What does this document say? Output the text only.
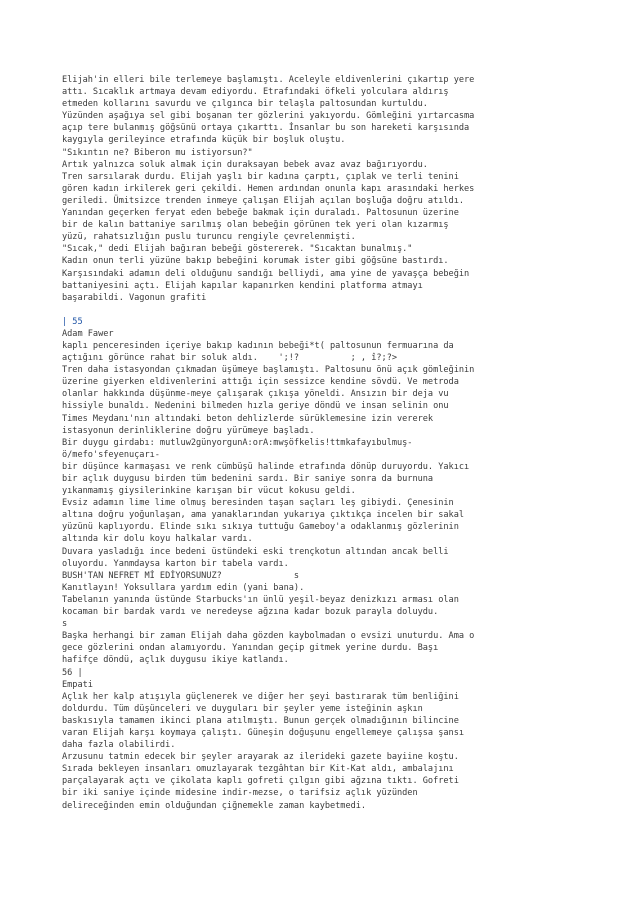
Elijah'in elleri bile terlemeye başlamıştı. Aceleyle eldivenlerini çıkartıp yere
attı. Sıcaklık artmaya devam ediyordu. Etrafındaki öfkeli yolculara aldırış
etmeden kollarını savurdu ve çılgınca bir telaşla paltosundan kurtuldu.
Yüzünden aşağıya sel gibi boşanan ter gözlerini yakıyordu. Gömleğini yırtarcasma
açıp tere bulanmış göğsünü ortaya çıkarttı. İnsanlar bu son hareketi karşısında
kaygıyla gerileyince etrafında küçük bir boşluk oluştu.
"Sıkıntın ne? Biberon mu istiyorsun?"
Artık yalnızca soluk almak için duraksayan bebek avaz avaz bağırıyordu.
Tren sarsılarak durdu. Elijah yaşlı bir kadına çarptı, çıplak ve terli tenini
gören kadın irkilerek geri çekildi. Hemen ardından onunla kapı arasındaki herkes
geriledi. Ümitsizce trenden inmeye çalışan Elijah açılan boşluğa doğru atıldı.
Yanından geçerken feryat eden bebeğe bakmak için duraladı. Paltosunun üzerine
bir de kalın battaniye sarılmış olan bebeğin görünen tek yeri olan kızarmış
yüzü, rahatsızlığın puslu turuncu rengiyle çevrelenmişti.
"Sıcak," dedi Elijah bağıran bebeği göstererek. "Sıcaktan bunalmış."
Kadın onun terli yüzüne bakıp bebeğini korumak ister gibi göğsüne bastırdı.
Karşısındaki adamın deli olduğunu sandığı belliydi, ama yine de yavaşça bebeğin
battaniyesini açtı. Elijah kapılar kapanırken kendini platforma atmayı
başarabildi. Vagonun grafiti
| 55
Adam Fawer
kaplı penceresinden içeriye bakıp kadının bebeği*t( paltosunun fermuarına da
açtığını görünce rahat bir soluk aldı.    ';!?          ; , î?;?>
Tren daha istasyondan çıkmadan üşümeye başlamıştı. Paltosunu önü açık gömleğinin
üzerine giyerken eldivenlerini attığı için sessizce kendine sövdü. Ve metroda
olanlar hakkında düşünme-meye çalışarak çıkışa yöneldi. Ansızın bir deja vu
hissiyle bunaldı. Nedenini bilmeden hızla geriye döndü ve insan selinin onu
Times Meydanı'nın altındaki beton dehlizlerde sürüklemesine izin vererek
istasyonun derinliklerine doğru yürümeye başladı.
Bir duygu girdabı: mutluw2günyorgunA:orA:mwşöfkelis!ttmkafayıbulmuş-
ö/mefo'sfeyenuçarı-
bir düşünce karmaşası ve renk cümbüşü halinde etrafında dönüp duruyordu. Yakıcı
bir açlık duygusu birden tüm bedenini sardı. Bir saniye sonra da burnuna
yıkanmamış giysilerinkine karışan bir vücut kokusu geldi.
Evsiz adamın lime lime olmuş beresinden taşan saçları leş gibiydi. Çenesinin
altına doğru yoğunlaşan, ama yanaklarından yukarıya çıktıkça incelen bir sakal
yüzünü kaplıyordu. Elinde sıkı sıkıya tuttuğu Gameboy'a odaklanmış gözlerinin
altında kir dolu koyu halkalar vardı.
Duvara yasladığı ince bedeni üstündeki eski trençkotun altından ancak belli
oluyordu. Yanmdaysa karton bir tabela vardı.
BUSH'TAN NEFRET Mİ EDİYORSUNUZ?              s
Kanıtlayın! Yoksullara yardım edin (yani bana).
Tabelanın yanında üstünde Starbucks'ın ünlü yeşil-beyaz denizkızı arması olan
kocaman bir bardak vardı ve neredeyse ağzına kadar bozuk parayla doluydu.
s
Başka herhangi bir zaman Elijah daha gözden kaybolmadan o evsizi unuturdu. Ama o
gece gözlerini ondan alamıyordu. Yanından geçip gitmek yerine durdu. Başı
hafifçe döndü, açlık duygusu ikiye katlandı.
56 |
Empati
Açlık her kalp atışıyla güçlenerek ve diğer her şeyi bastırarak tüm benliğini
doldurdu. Tüm düşünceleri ve duyguları bir şeyler yeme isteğinin aşkın
baskısıyla tamamen ikinci plana atılmıştı. Bunun gerçek olmadığının bilincine
varan Elijah karşı koymaya çalıştı. Güneşin doğuşunu engellemeye çalışsa şansı
daha fazla olabilirdi.
Arzusunu tatmin edecek bir şeyler arayarak az ilerideki gazete bayiine koştu.
Sırada bekleyen insanları omuzlayarak tezgâhtan bir Kit-Kat aldı, ambalajını
parçalayarak açtı ve çikolata kaplı gofreti çılgın gibi ağzına tıktı. Gofreti
bir iki saniye içinde midesine indir-mezse, o tarifsiz açlık yüzünden
delireceğinden emin olduğundan çiğnemekle zaman kaybetmedi.
